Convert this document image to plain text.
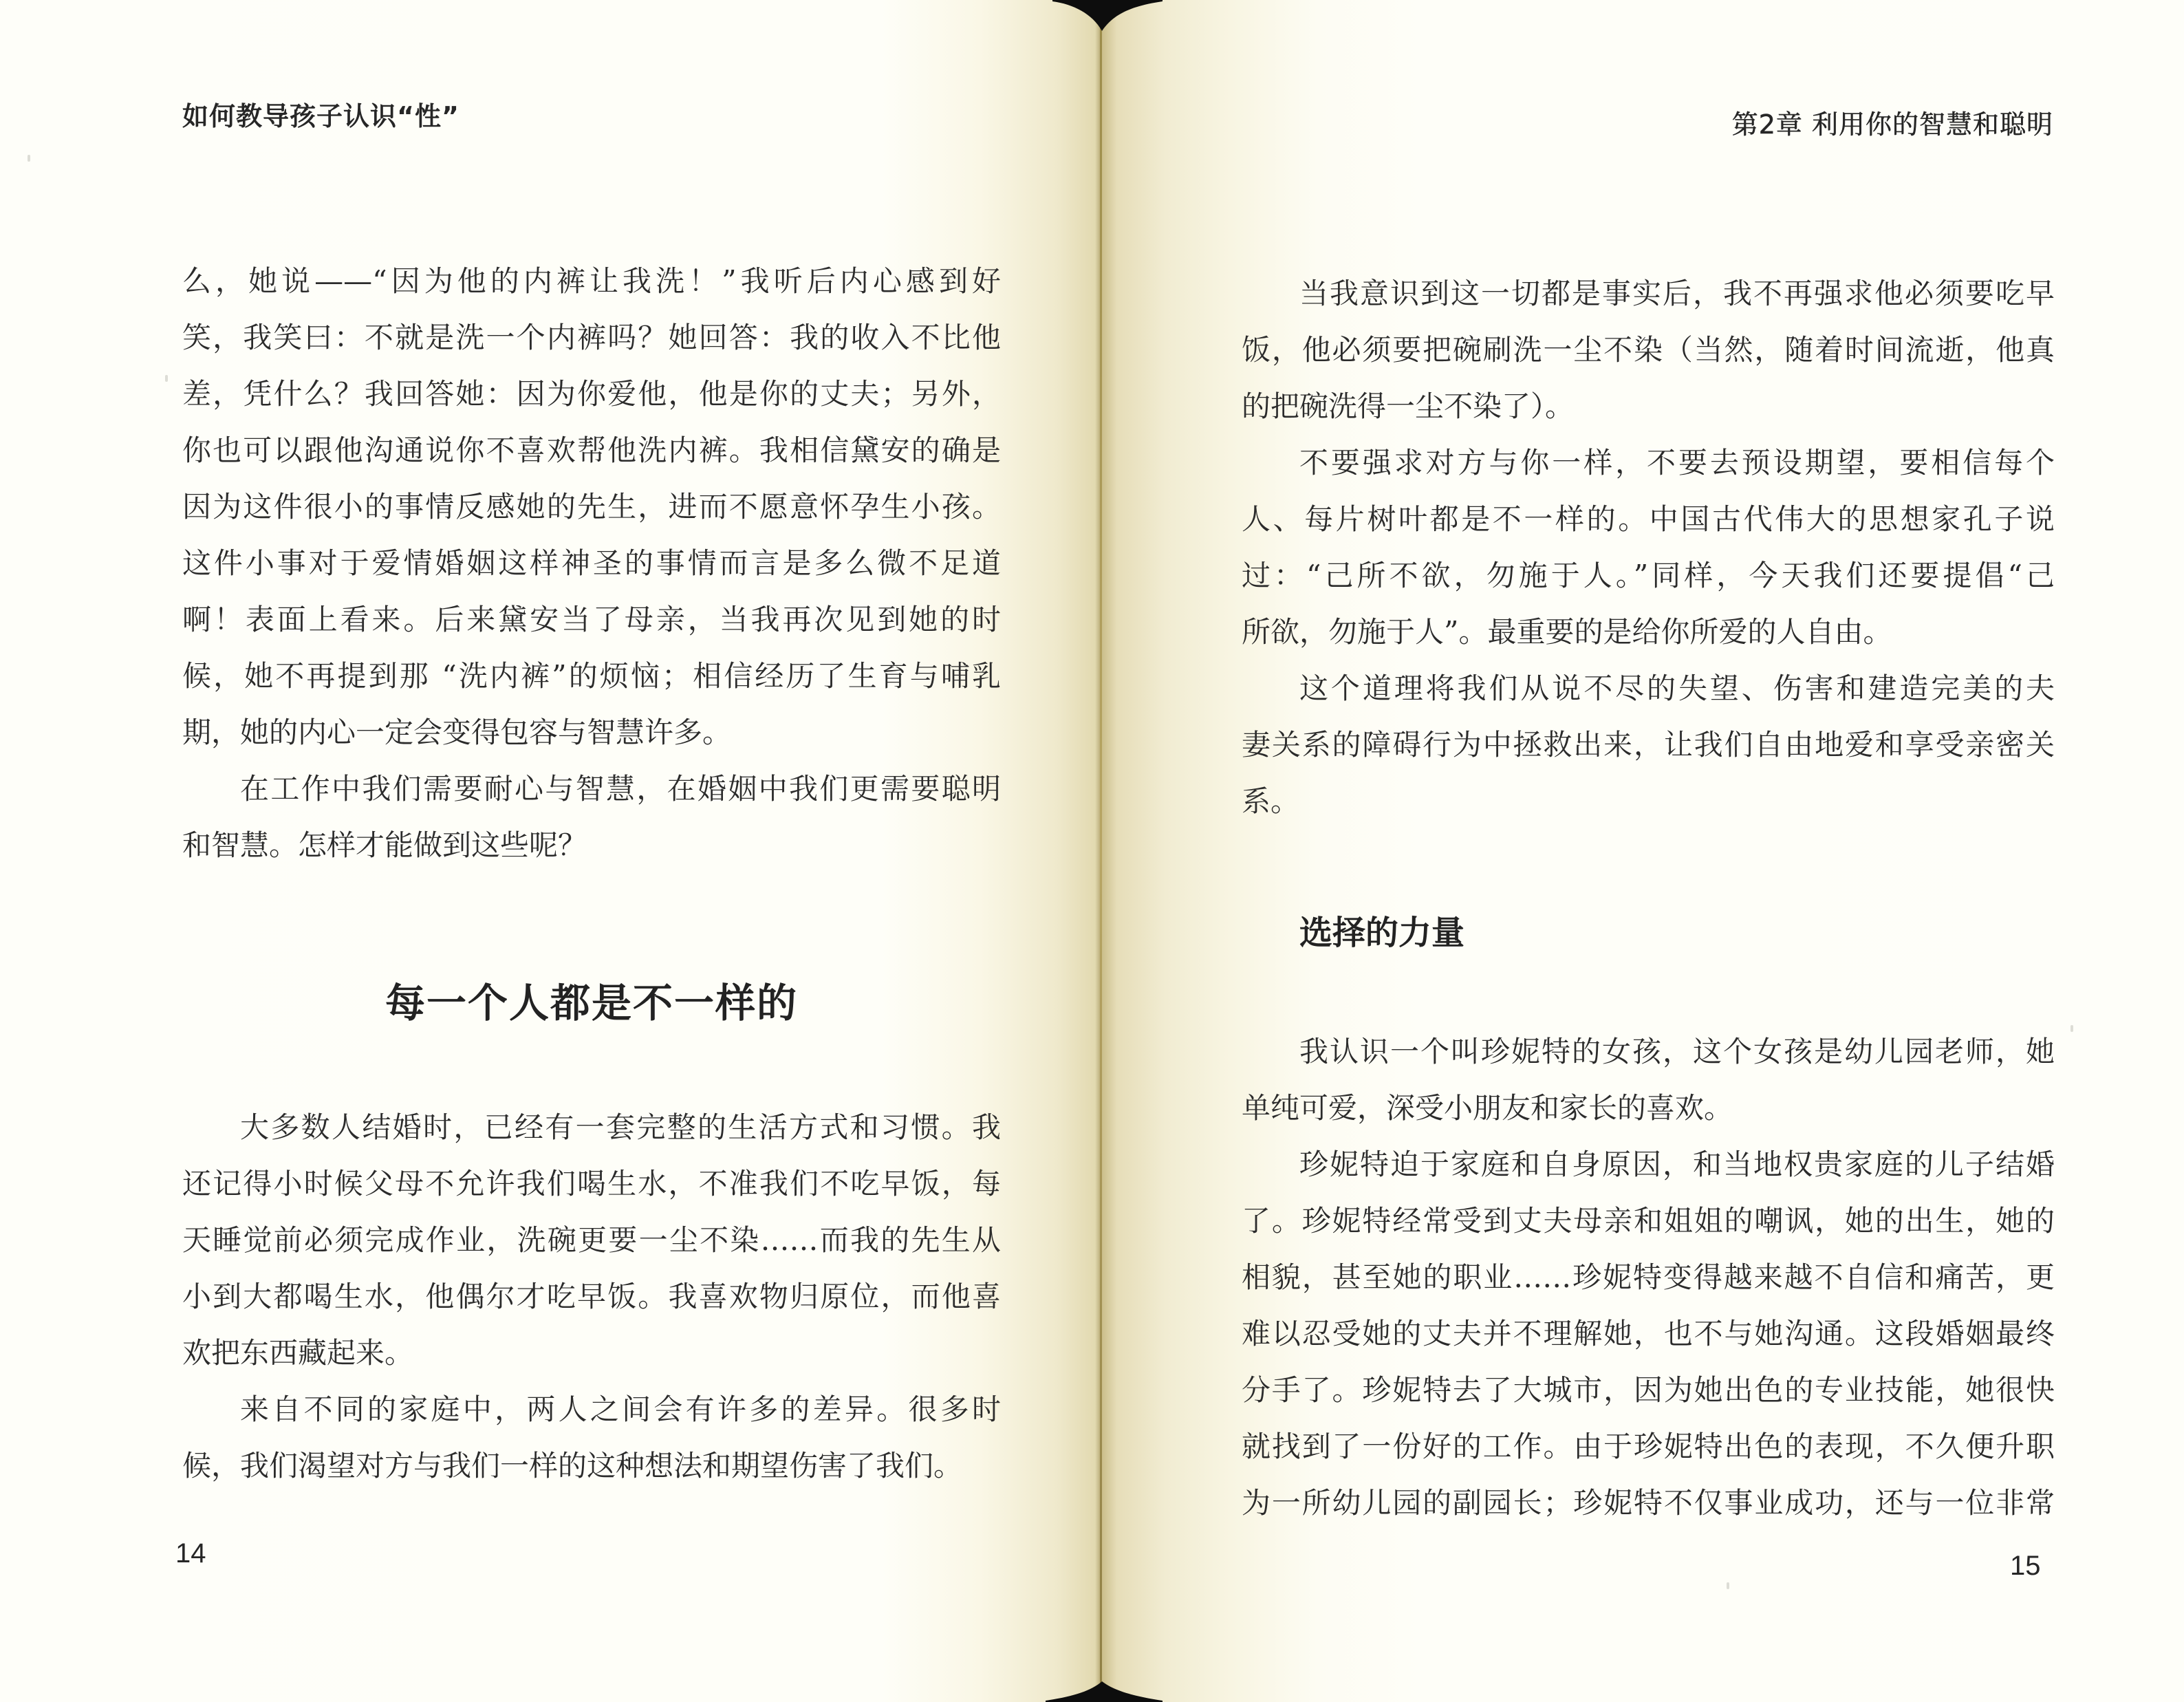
如何教导孩子认识“性”

么，她说——“因为他的内裤让我洗！”我听后内心感到好
笑，我笑曰：不就是洗一个内裤吗？她回答：我的收入不比他
差，凭什么？我回答她：因为你爱他，他是你的丈夫；另外，
你也可以跟他沟通说你不喜欢帮他洗内裤。我相信黛安的确是
因为这件很小的事情反感她的先生，进而不愿意怀孕生小孩。
这件小事对于爱情婚姻这样神圣的事情而言是多么微不足道
啊！表面上看来。后来黛安当了母亲，当我再次见到她的时
候，她不再提到那 “洗内裤”的烦恼；相信经历了生育与哺乳
期，她的内心一定会变得包容与智慧许多。

在工作中我们需要耐心与智慧，在婚姻中我们更需要聪明
和智慧。怎样才能做到这些呢？

每一个人都是不一样的

大多数人结婚时，已经有一套完整的生活方式和习惯。我
还记得小时候父母不允许我们喝生水，不准我们不吃早饭，每
天睡觉前必须完成作业，洗碗更要一尘不染……而我的先生从
小到大都喝生水，他偶尔才吃早饭。我喜欢物归原位，而他喜
欢把东西藏起来。

来自不同的家庭中，两人之间会有许多的差异。很多时
候，我们渴望对方与我们一样的这种想法和期望伤害了我们。

14
第2章 利用你的智慧和聪明

当我意识到这一切都是事实后，我不再强求他必须要吃早
饭，他必须要把碗刷洗一尘不染（当然，随着时间流逝，他真
的把碗洗得一尘不染了）。

不要强求对方与你一样，不要去预设期望，要相信每个
人、每片树叶都是不一样的。中国古代伟大的思想家孔子说
过：“己所不欲，勿施于人。”同样，今天我们还要提倡“己
所欲，勿施于人”。最重要的是给你所爱的人自由。

这个道理将我们从说不尽的失望、伤害和建造完美的夫
妻关系的障碍行为中拯救出来，让我们自由地爱和享受亲密关
系。

选择的力量

我认识一个叫珍妮特的女孩，这个女孩是幼儿园老师，她
单纯可爱，深受小朋友和家长的喜欢。

珍妮特迫于家庭和自身原因，和当地权贵家庭的儿子结婚
了。珍妮特经常受到丈夫母亲和姐姐的嘲讽，她的出生，她的
相貌，甚至她的职业……珍妮特变得越来越不自信和痛苦，更
难以忍受她的丈夫并不理解她，也不与她沟通。这段婚姻最终
分手了。珍妮特去了大城市，因为她出色的专业技能，她很快
就找到了一份好的工作。由于珍妮特出色的表现，不久便升职
为一所幼儿园的副园长；珍妮特不仅事业成功，还与一位非常

15
